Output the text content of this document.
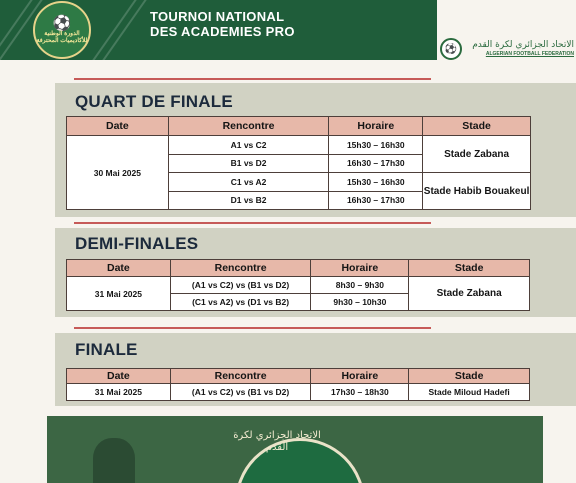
⚽
الدورة الوطنية للأكاديميات المحترفة
TOURNOI NATIONAL
DES ACADEMIES PRO
⚽	الاتحاد الجزائري لكرة القدم
ALGERIAN FOOTBALL FEDERATION
QUART DE FINALE
Date	Rencontre	Horaire	Stade
30 Mai 2025	A1 vs C2	15h30 – 16h30	Stade Zabana
	B1 vs D2	16h30 – 17h30	
	C1 vs A2	15h30 – 16h30	Stade Habib Bouakeul
	D1 vs B2	16h30 – 17h30	
DEMI-FINALES
Date	Rencontre	Horaire	Stade
31 Mai 2025	(A1 vs C2) vs (B1 vs D2)	8h30 – 9h30	Stade Zabana
	(C1 vs A2) vs (D1 vs B2)	9h30 – 10h30	
FINALE
Date	Rencontre	Horaire	Stade
31 Mai 2025	(A1 vs C2) vs (B1 vs D2)	17h30 – 18h30	Stade Miloud Hadefi
الاتحاد الجزائري لكرة القدم
